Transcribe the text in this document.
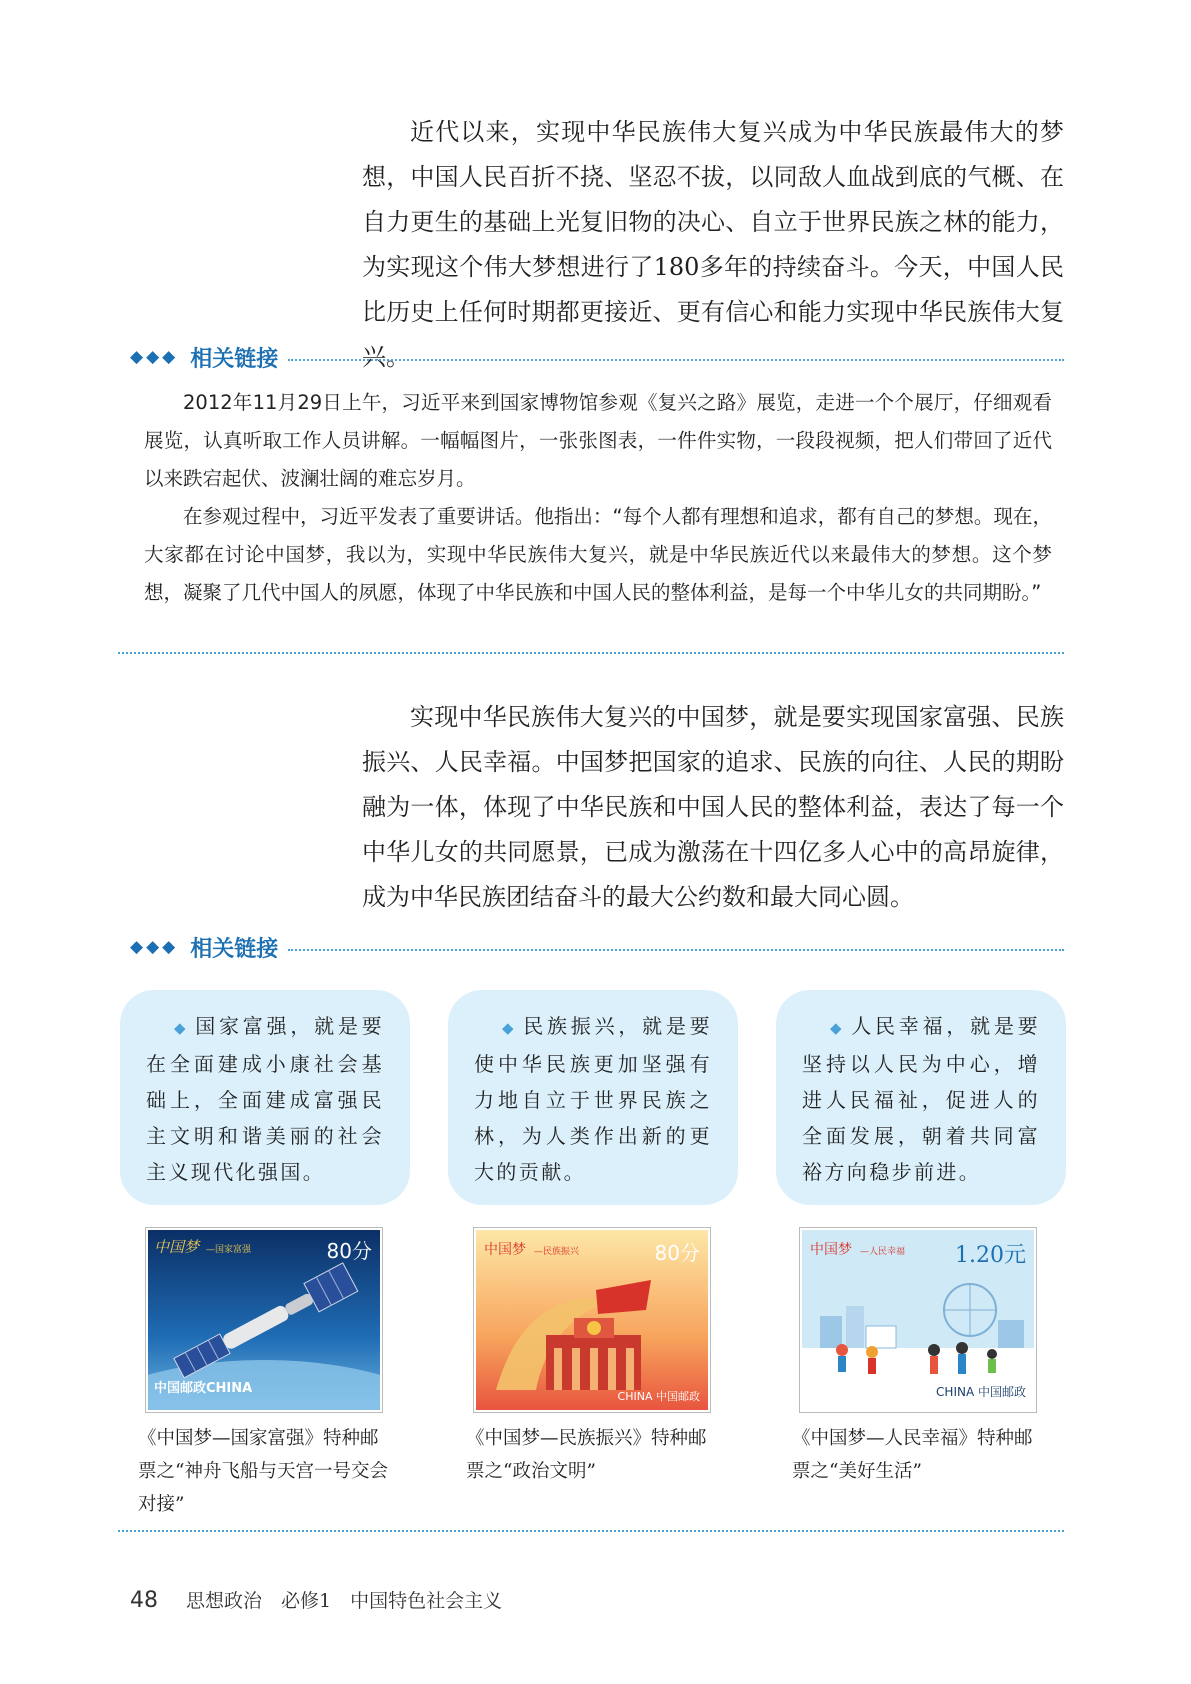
近代以来，实现中华民族伟大复兴成为中华民族最伟大的梦想，中国人民百折不挠、坚忍不拔，以同敌人血战到底的气概、在自力更生的基础上光复旧物的决心、自立于世界民族之林的能力，为实现这个伟大梦想进行了180多年的持续奋斗。今天，中国人民比历史上任何时期都更接近、更有信心和能力实现中华民族伟大复兴。

◆◆◆ 相关链接

2012年11月29日上午，习近平来到国家博物馆参观《复兴之路》展览，走进一个个展厅，仔细观看展览，认真听取工作人员讲解。一幅幅图片，一张张图表，一件件实物，一段段视频，把人们带回了近代以来跌宕起伏、波澜壮阔的难忘岁月。

在参观过程中，习近平发表了重要讲话。他指出：“每个人都有理想和追求，都有自己的梦想。现在，大家都在讨论中国梦，我以为，实现中华民族伟大复兴，就是中华民族近代以来最伟大的梦想。这个梦想，凝聚了几代中国人的夙愿，体现了中华民族和中国人民的整体利益，是每一个中华儿女的共同期盼。”

实现中华民族伟大复兴的中国梦，就是要实现国家富强、民族振兴、人民幸福。中国梦把国家的追求、民族的向往、人民的期盼融为一体，体现了中华民族和中国人民的整体利益，表达了每一个中华儿女的共同愿景，已成为激荡在十四亿多人心中的高昂旋律，成为中华民族团结奋斗的最大公约数和最大同心圆。

◆◆◆ 相关链接
◆ 国家富强，就是要在全面建成小康社会基础上，全面建成富强民主文明和谐美丽的社会主义现代化强国。
◆ 民族振兴，就是要使中华民族更加坚强有力地自立于世界民族之林，为人类作出新的更大的贡献。
◆ 人民幸福，就是要坚持以人民为中心，增进人民福祉，促进人的全面发展，朝着共同富裕方向稳步前进。
中国梦 —国家富强	80分
中国邮政CHINA
中国梦 —民族振兴	80分
CHINA 中国邮政
中国梦 —人民幸福 1.20元
CHINA 中国邮政
《中国梦—国家富强》特种邮票之“神舟飞船与天宫一号交会对接”
《中国梦—民族振兴》特种邮票之“政治文明”
《中国梦—人民幸福》特种邮票之“美好生活”
48 思想政治　必修1　中国特色社会主义
